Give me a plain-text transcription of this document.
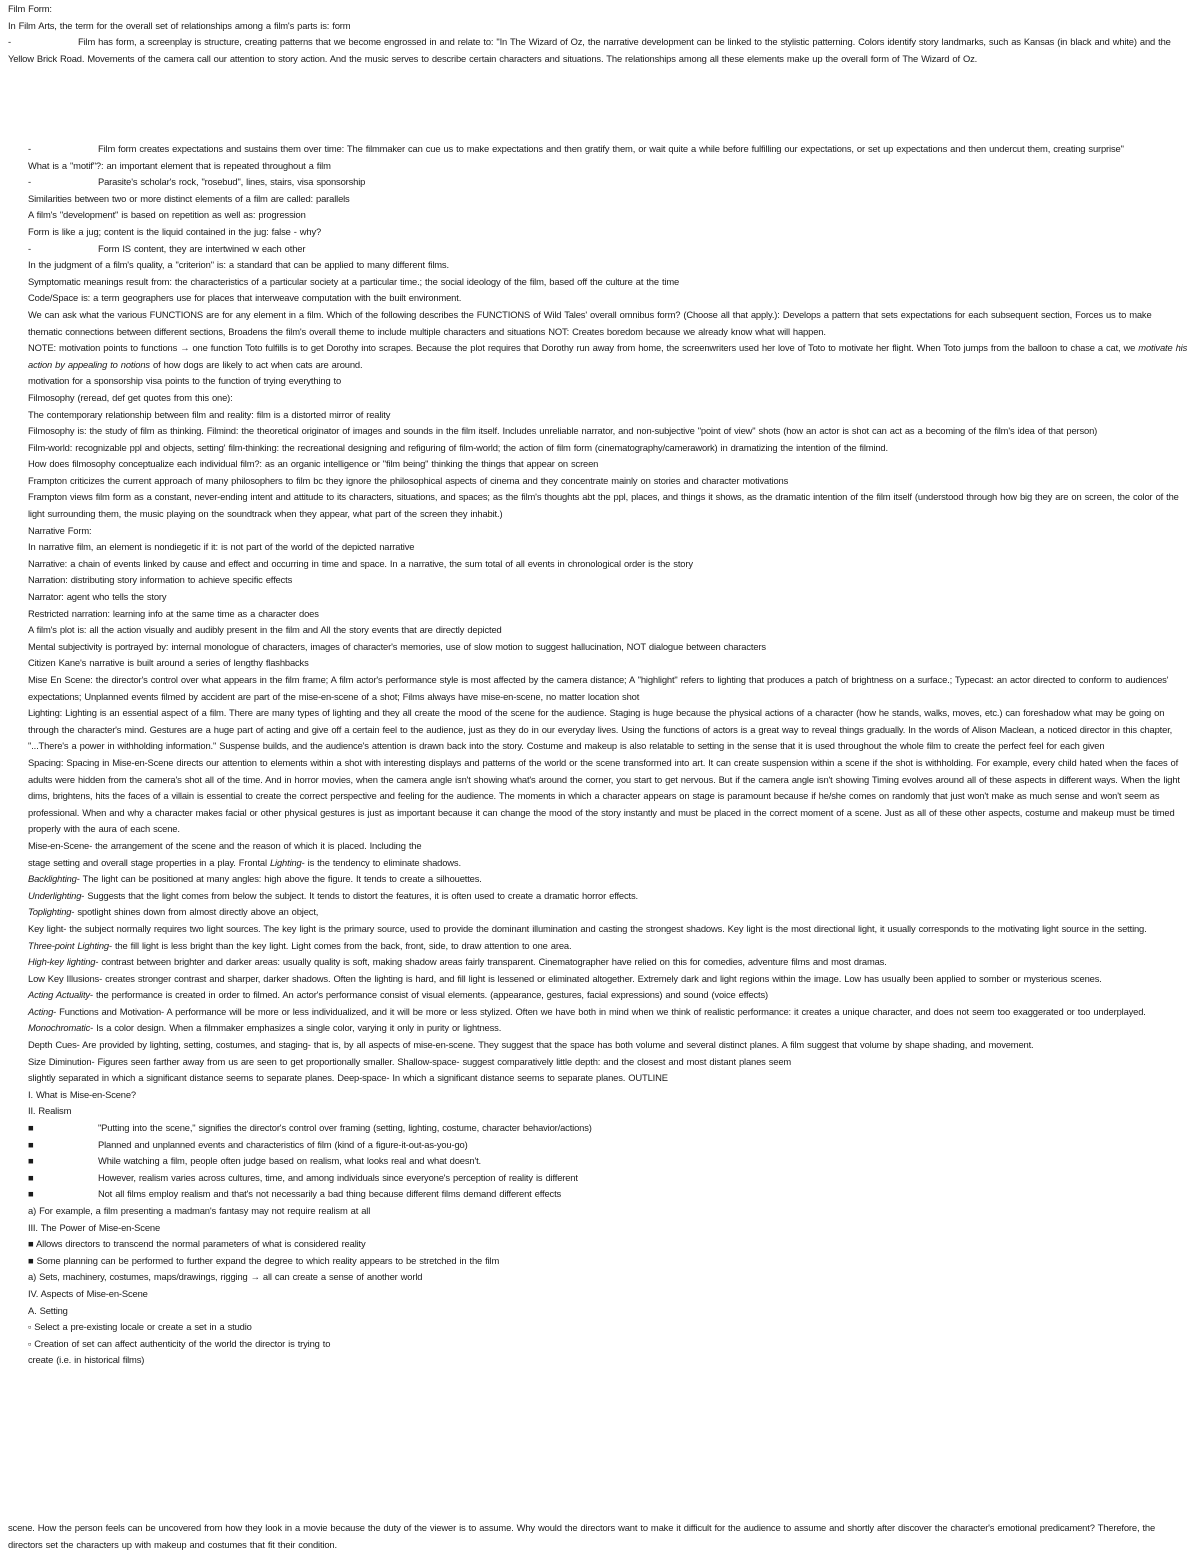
Film Form:

In Film Arts, the term for the overall set of relationships among a film's parts is: form

-	Film has form, a screenplay is structure, creating patterns that we become engrossed in and relate to: "In The Wizard of Oz, the narrative development can be linked to the stylistic patterning. Colors identify story landmarks, such as Kansas (in black and white) and the Yellow Brick Road. Movements of the camera call our attention to story action. And the music serves to describe certain characters and situations. The relationships among all these elements make up the overall form of The Wizard of Oz.

-	Film form creates expectations and sustains them over time: The filmmaker can cue us to make expectations and then gratify them, or wait quite a while before fulfilling our expectations, or set up expectations and then undercut them, creating surprise"

What is a "motif"?: an important element that is repeated throughout a film

-	Parasite's scholar's rock, "rosebud", lines, stairs, visa sponsorship

Similarities between two or more distinct elements of a film are called: parallels

A film's "development" is based on repetition as well as: progression

Form is like a jug; content is the liquid contained in the jug: false - why?

-	Form IS content, they are intertwined w each other

In the judgment of a film's quality, a "criterion" is: a standard that can be applied to many different films.

Symptomatic meanings result from: the characteristics of a particular society at a particular time.; the social ideology of the film, based off the culture at the time

Code/Space is: a term geographers use for places that interweave computation with the built environment.

We can ask what the various FUNCTIONS are for any element in a film. Which of the following describes the FUNCTIONS of Wild Tales' overall omnibus form? (Choose all that apply.): Develops a pattern that sets expectations for each subsequent section, Forces us to make thematic connections between different sections, Broadens the film's overall theme to include multiple characters and situations NOT: Creates boredom because we already know what will happen.

NOTE: motivation points to functions → one function Toto fulfills is to get Dorothy into scrapes. Because the plot requires that Dorothy run away from home, the screenwriters used her love of Toto to motivate her flight. When Toto jumps from the balloon to chase a cat, we motivate his action by appealing to notions of how dogs are likely to act when cats are around.

motivation for a sponsorship visa points to the function of trying everything to

Filmosophy (reread, def get quotes from this one):

The contemporary relationship between film and reality: film is a distorted mirror of reality

Filmosophy is: the study of film as thinking. Filmind: the theoretical originator of images and sounds in the film itself. Includes unreliable narrator, and non-subjective "point of view" shots (how an actor is shot can act as a becoming of the film's idea of that person)

Film-world: recognizable ppl and objects, setting' film-thinking: the recreational designing and refiguring of film-world; the action of film form (cinematography/camerawork) in dramatizing the intention of the filmind.

How does filmosophy conceptualize each individual film?: as an organic intelligence or "film being" thinking the things that appear on screen

Frampton criticizes the current approach of many philosophers to film bc they ignore the philosophical aspects of cinema and they concentrate mainly on stories and character motivations

Frampton views film form as a constant, never-ending intent and attitude to its characters, situations, and spaces; as the film's thoughts abt the ppl, places, and things it shows, as the dramatic intention of the film itself (understood through how big they are on screen, the color of the light surrounding them, the music playing on the soundtrack when they appear, what part of the screen they inhabit.)

Narrative Form:

In narrative film, an element is nondiegetic if it: is not part of the world of the depicted narrative

Narrative: a chain of events linked by cause and effect and occurring in time and space. In a narrative, the sum total of all events in chronological order is the story

Narration: distributing story information to achieve specific effects

Narrator: agent who tells the story

Restricted narration: learning info at the same time as a character does

A film's plot is: all the action visually and audibly present in the film and All the story events that are directly depicted

Mental subjectivity is portrayed by: internal monologue of characters, images of character's memories, use of slow motion to suggest hallucination, NOT dialogue between characters

Citizen Kane's narrative is built around a series of lengthy flashbacks

Mise En Scene: the director's control over what appears in the film frame; A film actor's performance style is most affected by the camera distance; A "highlight" refers to lighting that produces a patch of brightness on a surface.; Typecast: an actor directed to conform to audiences' expectations; Unplanned events filmed by accident are part of the mise-en-scene of a shot; Films always have mise-en-scene, no matter location shot

Lighting: Lighting is an essential aspect of a film. There are many types of lighting and they all create the mood of the scene for the audience. Staging is huge because the physical actions of a character (how he stands, walks, moves, etc.) can foreshadow what may be going on through the character's mind. Gestures are a huge part of acting and give off a certain feel to the audience, just as they do in our everyday lives. Using the functions of actors is a great way to reveal things gradually. In the words of Alison Maclean, a noticed director in this chapter, "...There's a power in withholding information." Suspense builds, and the audience's attention is drawn back into the story. Costume and makeup is also relatable to setting in the sense that it is used throughout the whole film to create the perfect feel for each given

Spacing: Spacing in Mise-en-Scene directs our attention to elements within a shot with interesting displays and patterns of the world or the scene transformed into art. It can create suspension within a scene if the shot is withholding. For example, every child hated when the faces of adults were hidden from the camera's shot all of the time. And in horror movies, when the camera angle isn't showing what's around the corner, you start to get nervous. But if the camera angle isn't showing Timing evolves around all of these aspects in different ways. When the light dims, brightens, hits the faces of a villain is essential to create the correct perspective and feeling for the audience. The moments in which a character appears on stage is paramount because if he/she comes on randomly that just won't make as much sense and won't seem as professional. When and why a character makes facial or other physical gestures is just as important because it can change the mood of the story instantly and must be placed in the correct moment of a scene. Just as all of these other aspects, costume and makeup must be timed properly with the aura of each scene.

Mise-en-Scene- the arrangement of the scene and the reason of which it is placed. Including the

stage setting and overall stage properties in a play. Frontal Lighting- is the tendency to eliminate shadows.

Backlighting- The light can be positioned at many angles: high above the figure. It tends to create a silhouettes.

Underlighting- Suggests that the light comes from below the subject. It tends to distort the features, it is often used to create a dramatic horror effects.

Toplighting- spotlight shines down from almost directly above an object,

Key light- the subject normally requires two light sources. The key light is the primary source, used to provide the dominant illumination and casting the strongest shadows. Key light is the most directional light, it usually corresponds to the motivating light source in the setting.

Three-point Lighting- the fill light is less bright than the key light. Light comes from the back, front, side, to draw attention to one area.

High-key lighting- contrast between brighter and darker areas: usually quality is soft, making shadow areas fairly transparent. Cinematographer have relied on this for comedies, adventure films and most dramas.

Low Key Illusions- creates stronger contrast and sharper, darker shadows. Often the lighting is hard, and fill light is lessened or eliminated altogether. Extremely dark and light regions within the image. Low has usually been applied to somber or mysterious scenes.

Acting Actuality- the performance is created in order to filmed. An actor's performance consist of visual elements. (appearance, gestures, facial expressions) and sound (voice effects)

Acting- Functions and Motivation- A performance will be more or less individualized, and it will be more or less stylized. Often we have both in mind when we think of realistic performance: it creates a unique character, and does not seem too exaggerated or too underplayed.

Monochromatic- Is a color design. When a filmmaker emphasizes a single color, varying it only in purity or lightness.

Depth Cues- Are provided by lighting, setting, costumes, and staging- that is, by all aspects of mise-en-scene. They suggest that the space has both volume and several distinct planes. A film suggest that volume by shape shading, and movement.

Size Diminution- Figures seen farther away from us are seen to get proportionally smaller. Shallow-space- suggest comparatively little depth: and the closest and most distant planes seem

slightly separated in which a significant distance seems to separate planes. Deep-space- In which a significant distance seems to separate planes. OUTLINE

I. What is Mise-en-Scene?

II. Realism

■	"Putting into the scene," signifies the director's control over framing (setting, lighting, costume, character behavior/actions)

■	Planned and unplanned events and characteristics of film (kind of a figure-it-out-as-you-go)

■	While watching a film, people often judge based on realism, what looks real and what doesn't.

■	However, realism varies across cultures, time, and among individuals since everyone's perception of reality is different

■	Not all films employ realism and that's not necessarily a bad thing because different films demand different effects

a) For example, a film presenting a madman's fantasy may not require realism at all

III. The Power of Mise-en-Scene

■ Allows directors to transcend the normal parameters of what is considered reality

■ Some planning can be performed to further expand the degree to which reality appears to be stretched in the film

a) Sets, machinery, costumes, maps/drawings, rigging → all can create a sense of another world

IV. Aspects of Mise-en-Scene

A. Setting

▫ Select a pre-existing locale or create a set in a studio

▫ Creation of set can affect authenticity of the world the director is trying to

create (i.e. in historical films)

scene. How the person feels can be uncovered from how they look in a movie because the duty of the viewer is to assume. Why would the directors want to make it difficult for the audience to assume and shortly after discover the character's emotional predicament? Therefore, the directors set the characters up with makeup and costumes that fit their condition.
